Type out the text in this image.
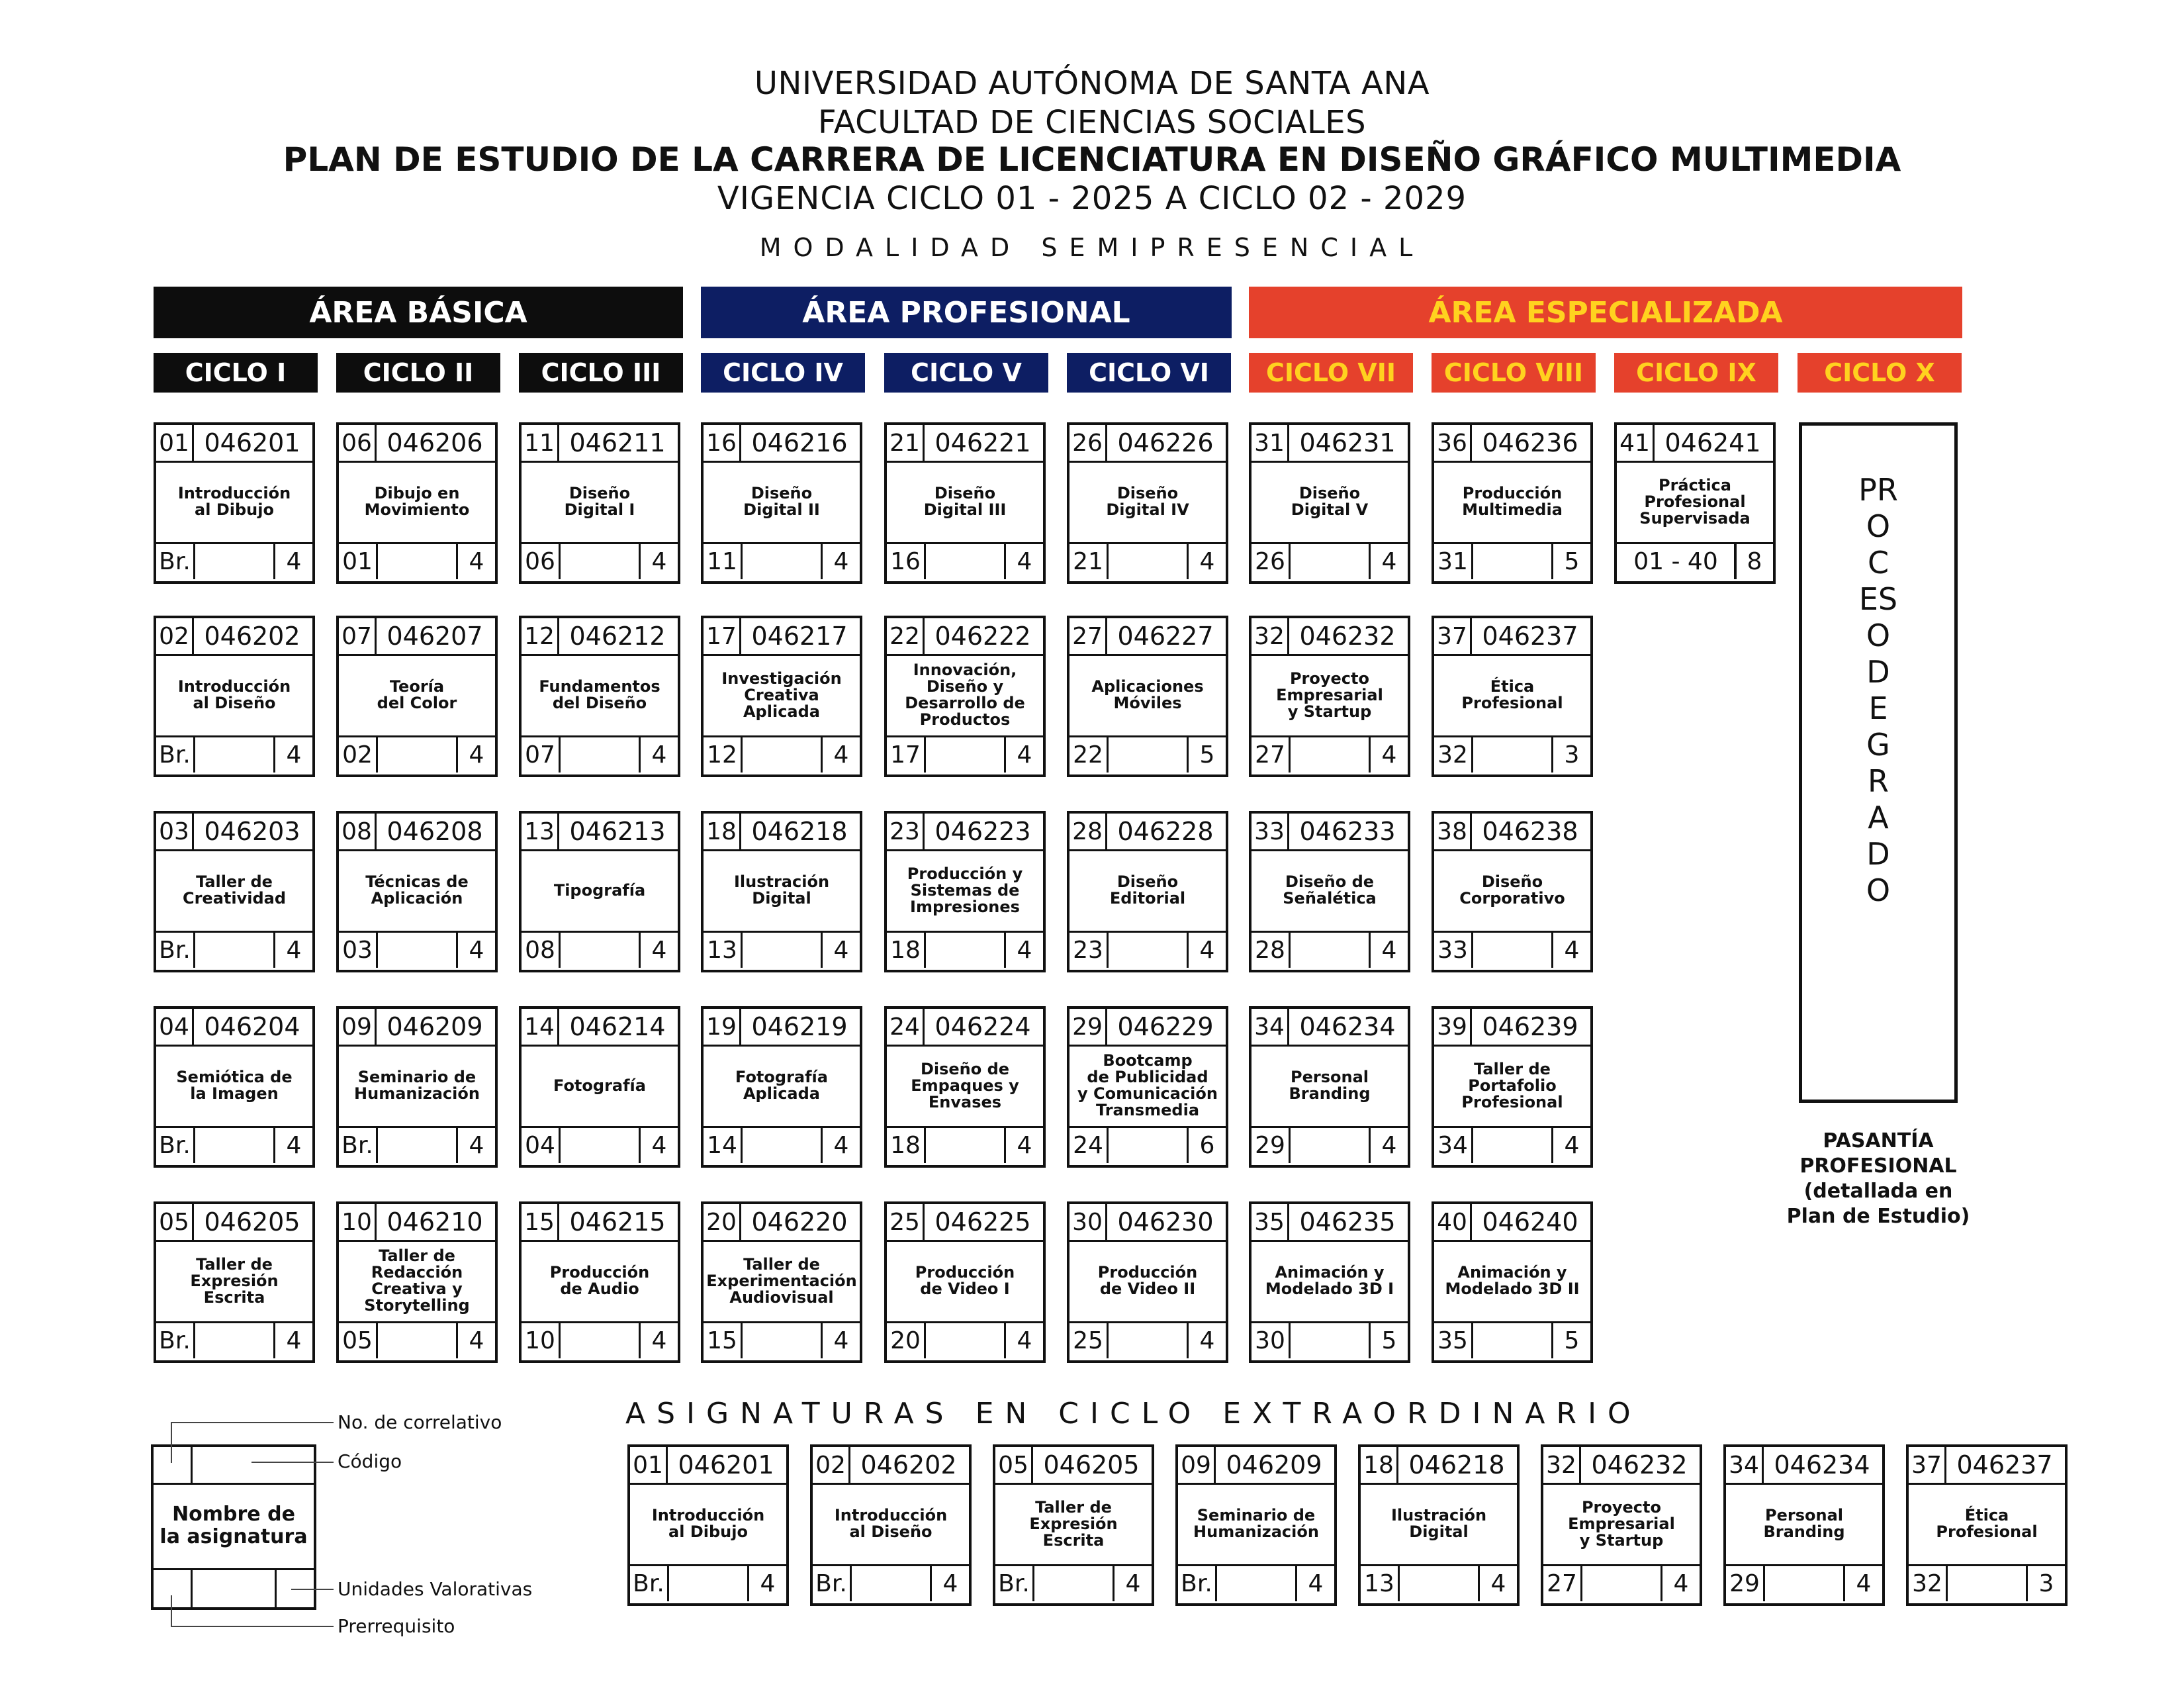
UNIVERSIDAD AUTÓNOMA DE SANTA ANA
FACULTAD DE CIENCIAS SOCIALES
PLAN DE ESTUDIO DE LA CARRERA DE LICENCIATURA EN DISEÑO GRÁFICO MULTIMEDIA
VIGENCIA CICLO 01 - 2025 A CICLO 02 - 2029
MODALIDAD SEMIPRESENCIAL
ÁREA BÁSICA	ÁREA PROFESIONAL	ÁREA ESPECIALIZADA
CICLO I	CICLO II	CICLO III	CICLO IV	CICLO V	CICLO VI	CICLO VII	CICLO VIII	CICLO IX	CICLO X
01 046201
Introducción
al Dibujo
Br.	4
02 046202
Introducción
al Diseño
Br.	4
03 046203
Taller de
Creatividad
Br.	4
04 046204
Semiótica de
la Imagen
Br.	4
05 046205
Taller de
Expresión
Escrita
Br.	4
06 046206
Dibujo en
Movimiento
01	4
07 046207
Teoría
del Color
02	4
08 046208
Técnicas de
Aplicación
03	4
09 046209
Seminario de
Humanización
Br.	4
10 046210
Taller de
Redacción
Creativa y
Storytelling
05	4
11 046211
Diseño
Digital I
06	4
12 046212
Fundamentos
del Diseño
07	4
13 046213
Tipografía
08	4
14 046214
Fotografía
04	4
15 046215
Producción
de Audio
10	4
16 046216
Diseño
Digital II
11	4
17 046217
Investigación
Creativa
Aplicada
12	4
18 046218
Ilustración
Digital
13	4
19 046219
Fotografía
Aplicada
14	4
20 046220
Taller de
Experimentación
Audiovisual
15	4
21 046221
Diseño
Digital III
16	4
22 046222
Innovación,
Diseño y
Desarrollo de
Productos
17	4
23 046223
Producción y
Sistemas de
Impresiones
18	4
24 046224
Diseño de
Empaques y
Envases
18	4
25 046225
Producción
de Video I
20	4
26 046226
Diseño
Digital IV
21	4
27 046227
Aplicaciones
Móviles
22	5
28 046228
Diseño
Editorial
23	4
29 046229
Bootcamp
de Publicidad
y Comunicación
Transmedia
24	6
30 046230
Producción
de Video II
25	4
31 046231
Diseño
Digital V
26	4
32 046232
Proyecto
Empresarial
y Startup
27	4
33 046233
Diseño de
Señalética
28	4
34 046234
Personal
Branding
29	4
35 046235
Animación y
Modelado 3D I
30	5
36 046236
Producción
Multimedia
31	5
37 046237
Ética
Profesional
32	3
38 046238
Diseño
Corporativo
33	4
39 046239
Taller de
Portafolio
Profesional
34	4
40 046240
Animación y
Modelado 3D II
35	5
41 046241
Práctica
Profesional
Supervisada
01 - 40	8
PROCESO DE GRADO
PASANTÍA
PROFESIONAL
(detallada en
Plan de Estudio)
ASIGNATURAS EN CICLO EXTRAORDINARIO
01 046201
Introducción
al Dibujo
Br.	4
02 046202
Introducción
al Diseño
Br.	4
05 046205
Taller de
Expresión
Escrita
Br.	4
09 046209
Seminario de
Humanización
Br.	4
18 046218
Ilustración
Digital
13	4
32 046232
Proyecto
Empresarial
y Startup
27	4
34 046234
Personal
Branding
29	4
37 046237
Ética
Profesional
32	3
Nombre de
la asignatura
No. de correlativo
Código
Unidades Valorativas
Prerrequisito
